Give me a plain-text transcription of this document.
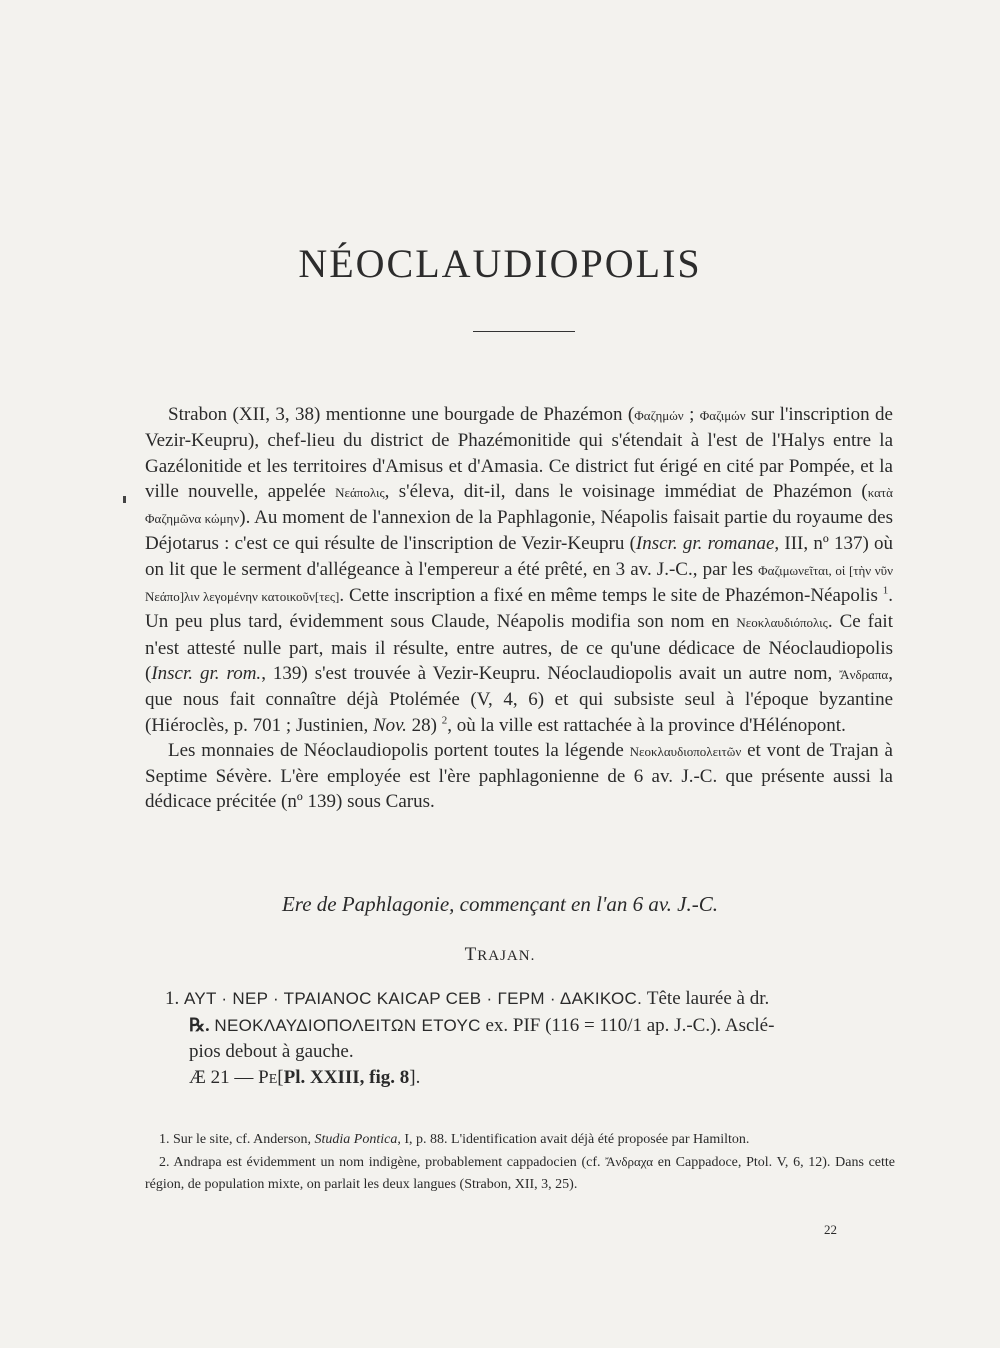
NÉOCLAUDIOPOLIS

Strabon (XII, 3, 38) mentionne une bourgade de Phazémon (Φαζημών ; Φαζιμών sur l'inscription de Vezir-Keupru), chef-lieu du district de Phazémonitide qui s'étendait à l'est de l'Halys entre la Gazélonitide et les territoires d'Amisus et d'Amasia. Ce district fut érigé en cité par Pompée, et la ville nouvelle, appelée Νεάπολις, s'éleva, dit-il, dans le voisinage immédiat de Phazémon (κατὰ Φαζημῶνα κώμην). Au moment de l'annexion de la Paphlagonie, Néapolis faisait partie du royaume des Déjotarus : c'est ce qui résulte de l'inscription de Vezir-Keupru (Inscr. gr. romanae, III, nº 137) où on lit que le serment d'allégeance à l'empereur a été prêté, en 3 av. J.-C., par les Φαζιμωνεῖται, οἱ [τὴν νῦν Νεάπο]λιν λεγομένην κατοικοῦν[τες]. Cette inscription a fixé en même temps le site de Phazémon-Néapolis $^1$. Un peu plus tard, évidemment sous Claude, Néapolis modifia son nom en Νεοκλαυδιόπολις. Ce fait n'est attesté nulle part, mais il résulte, entre autres, de ce qu'une dédicace de Néoclaudiopolis (Inscr. gr. rom., 139) s'est trouvée à Vezir-Keupru. Néoclaudiopolis avait un autre nom, Ἄνδραπα, que nous fait connaître déjà Ptolémée (V, 4, 6) et qui subsiste seul à l'époque byzantine (Hiéroclès, p. 701 ; Justinien, Nov. 28) $^2$, où la ville est rattachée à la province d'Hélénopont.

Les monnaies de Néoclaudiopolis portent toutes la légende Νεοκλαυδιοπολειτῶν et vont de Trajan à Septime Sévère. L'ère employée est l'ère paphlagonienne de 6 av. J.-C. que présente aussi la dédicace précitée (nº 139) sous Carus.

Ere de Paphlagonie, commençant en l'an 6 av. J.-C.
TRAJAN.
1. ΑΥΤ · ΝΕΡ · ΤΡΑΙΑΝΟϹ ΚΑΙϹΑΡ ϹΕΒ · ΓΕΡΜ · ΔΑΚΙΚΟϹ. Tête laurée à dr.
℞. ΝΕΟΚΛΑΥΔΙΟΠΟΛΕΙΤΩΝ ΕΤΟΥϹ ex. PIF (116 = 110/1 ap. J.-C.). Asclé-
pios debout à gauche.
Æ 21 — PE[Pl. XXIII, fig. 8].

1. Sur le site, cf. Anderson, Studia Pontica, I, p. 88. L'identification avait déjà été proposée par Hamilton.

2. Andrapa est évidemment un nom indigène, probablement cappadocien (cf. Ἄνδραχα en Cappadoce, Ptol. V, 6, 12). Dans cette région, de population mixte, on parlait les deux langues (Strabon, XII, 3, 25).

22
